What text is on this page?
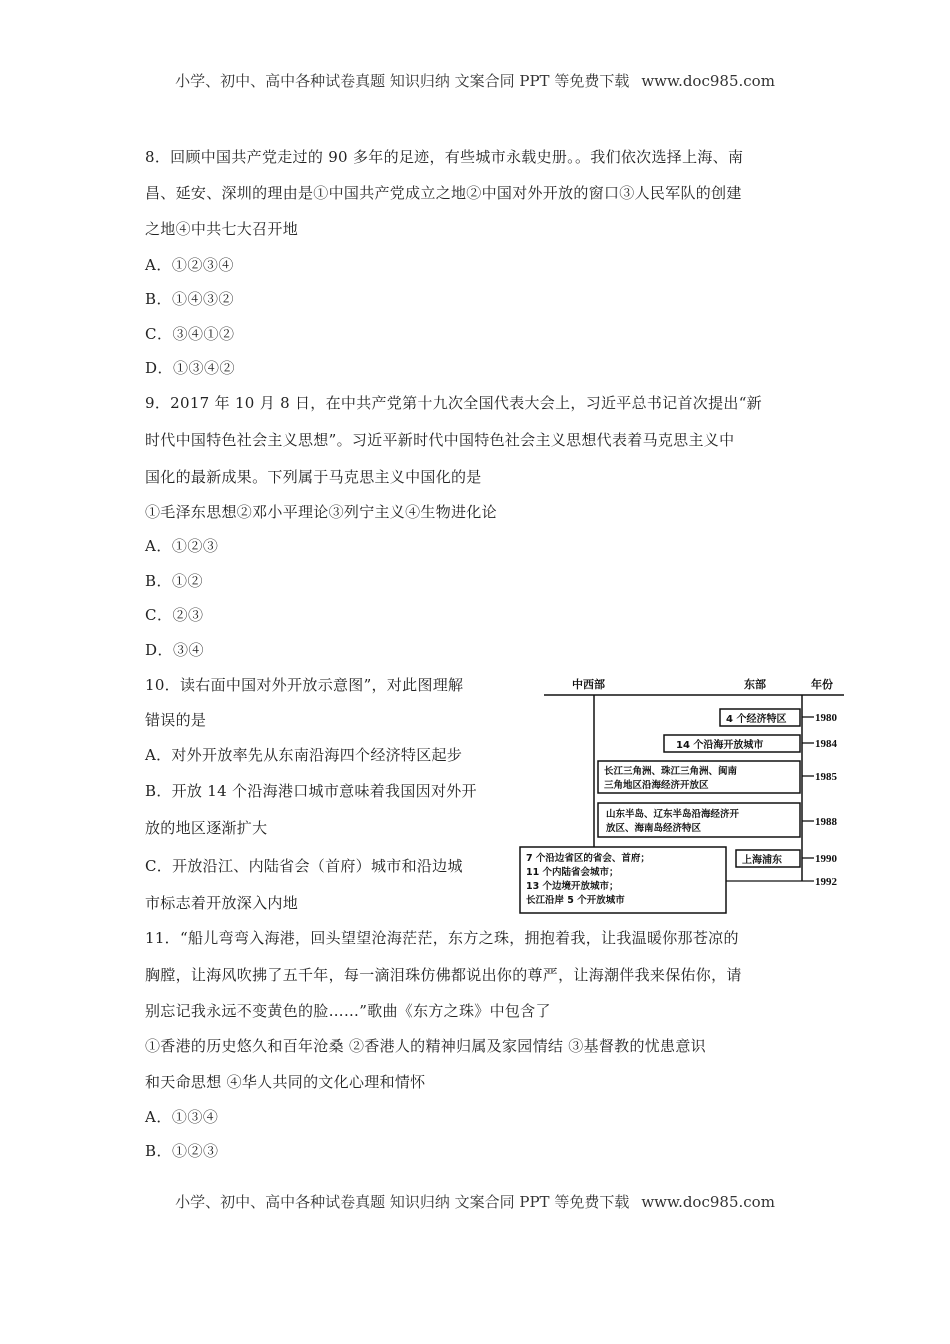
小学、初中、高中各种试卷真题 知识归纳 文案合同 PPT 等免费下载 www.doc985.com
8．回顾中国共产党走过的 90 多年的足迹，有些城市永载史册。。我们依次选择上海、南
昌、延安、深圳的理由是①中国共产党成立之地②中国对外开放的窗口③人民军队的创建
之地④中共七大召开地
A．①②③④
B．①④③②
C．③④①②
D．①③④②
9．2017 年 10 月 8 日，在中共产党第十九次全国代表大会上，习近平总书记首次提出“新
时代中国特色社会主义思想”。习近平新时代中国特色社会主义思想代表着马克思主义中
国化的最新成果。下列属于马克思主义中国化的是
①毛泽东思想②邓小平理论③列宁主义④生物进化论
A．①②③
B．①②
C．②③
D．③④
10．读右面中国对外开放示意图”，对此图理解
错误的是
A．对外开放率先从东南沿海四个经济特区起步
B．开放 14 个沿海港口城市意味着我国因对外开
放的地区逐渐扩大
C．开放沿江、内陆省会（首府）城市和沿边城
市标志着开放深入内地
中西部	东部	年份
4 个经济特区	1980
14 个沿海开放城市	1984
长江三角洲、珠江三角洲、闽南
三角地区沿海经济开放区
1985
山东半岛、辽东半岛沿海经济开
放区、海南岛经济特区
1988
上海浦东	1990
7 个沿边省区的省会、首府；
11 个内陆省会城市；
13 个边境开放城市；
长江沿岸 5 个开放城市
1992
11．“船儿弯弯入海港，回头望望沧海茫茫，东方之珠，拥抱着我，让我温暖你那苍凉的
胸膛，让海风吹拂了五千年，每一滴泪珠仿佛都说出你的尊严，让海潮伴我来保佑你，请
别忘记我永远不变黄色的脸……”歌曲《东方之珠》中包含了
①香港的历史悠久和百年沧桑 ②香港人的精神归属及家园情结 ③基督教的忧患意识
和天命思想 ④华人共同的文化心理和情怀
A．①③④
B．①②③
小学、初中、高中各种试卷真题 知识归纳 文案合同 PPT 等免费下载 www.doc985.com
